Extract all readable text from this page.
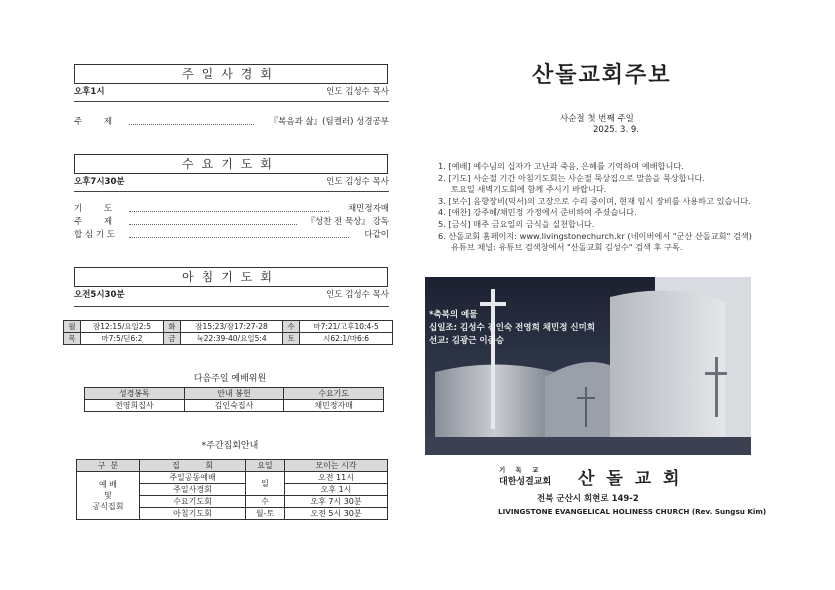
주일사경회
오후1시	인도 김성수 목사
주        제	『복음과 삶』(팀켈러) 성경공부
수요기도회
오후7시30분	인도 김성수 목사
기        도	채민정자매
주        제	『성찬 전 묵상』 강독
합 심 기 도	다같이
아침기도회
오전5시30분	인도 김성수 목사
월	잠12:15/요일2:5	화	잠15:23/잠17:27-28	수	마7:21/고후10:4-5
목	마7:5/딛6:2	금	눅22:39-40/요일5:4	토	시62:1/마6:6
다음주일 예배위원
성경봉독	안내 봉헌	수요기도
전영희집사	김인숙집사	채민정자매
*주간집회안내
구  분	집          회	요일	모이는 시각
예 배
및
공식집회	주일공동예배	일	오전 11시
	주일사경회		오후 1시
	수요기도회	수	오후 7시 30분
	아침기도회	월-토	오전 5시 30분
산돌교회주보
사순절 첫 번째 주일
2025. 3. 9.
1. [예배] 예수님의 십자가 고난과 죽음, 은혜를 기억하며 예배합니다.
2. [기도] 사순절 기간 아침기도회는 사순절 묵상집으로 말씀을 묵상합니다.
토요일 새벽기도회에 함께 주시기 바랍니다.
3. [보수] 음향장비(믹서)의 고장으로 수리 중이며, 현재 임시 장비를 사용하고 있습니다.
4. [애찬] 강주혜/채민정 가정에서 준비하여 주셨습니다.
5. [금식] 매주 금요일의 금식을 실천합니다.
6. 산돌교회 홈페이지: www.livingstonechurch.kr (네이버에서 "군산 산돌교회" 검색)
유튜브 채널: 유튜브 검색창에서 "산돌교회 김성수" 검색 후 구독.
*축복의 예물
십일조: 김성수 김인숙 전영희 채민정 신미희
선교: 김광근 이준승
기 독 교
대한성결교회 산 돌 교 회
전북 군산시 회현로 149-2
LIVINGSTONE EVANGELICAL HOLINESS CHURCH (Rev. Sungsu Kim)
